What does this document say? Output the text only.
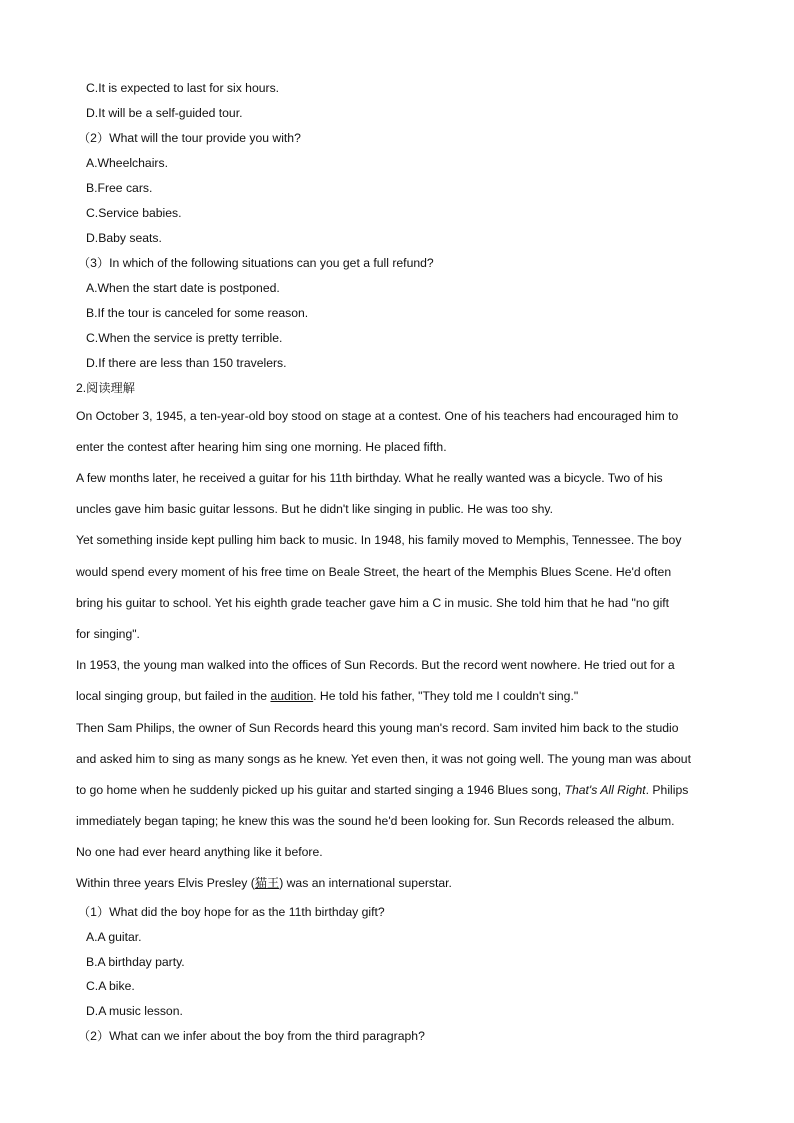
C.It is expected to last for six hours.
D.It will be a self-guided tour.
（2）What will the tour provide you with?
A.Wheelchairs.
B.Free cars.
C.Service babies.
D.Baby seats.
（3）In which of the following situations can you get a full refund?
A.When the start date is postponed.
B.If the tour is canceled for some reason.
C.When the service is pretty terrible.
D.If there are less than 150 travelers.
2.阅读理解
On October 3, 1945, a ten-year-old boy stood on stage at a contest. One of his teachers had encouraged him to
enter the contest after hearing him sing one morning. He placed fifth.
A few months later, he received a guitar for his 11th birthday. What he really wanted was a bicycle. Two of his
uncles gave him basic guitar lessons. But he didn't like singing in public. He was too shy.
Yet something inside kept pulling him back to music. In 1948, his family moved to Memphis, Tennessee. The boy
would spend every moment of his free time on Beale Street, the heart of the Memphis Blues Scene. He'd often
bring his guitar to school. Yet his eighth grade teacher gave him a C in music. She told him that he had "no gift
for singing".
In 1953, the young man walked into the offices of Sun Records. But the record went nowhere. He tried out for a
local singing group, but failed in the audition. He told his father, "They told me I couldn't sing."
Then Sam Philips, the owner of Sun Records heard this young man's record. Sam invited him back to the studio
and asked him to sing as many songs as he knew. Yet even then, it was not going well. The young man was about
to go home when he suddenly picked up his guitar and started singing a 1946 Blues song, That's All Right. Philips
immediately began taping; he knew this was the sound he'd been looking for. Sun Records released the album.
No one had ever heard anything like it before.
Within three years Elvis Presley (猫王) was an international superstar.
（1）What did the boy hope for as the 11th birthday gift?
A.A guitar.
B.A birthday party.
C.A bike.
D.A music lesson.
（2）What can we infer about the boy from the third paragraph?
